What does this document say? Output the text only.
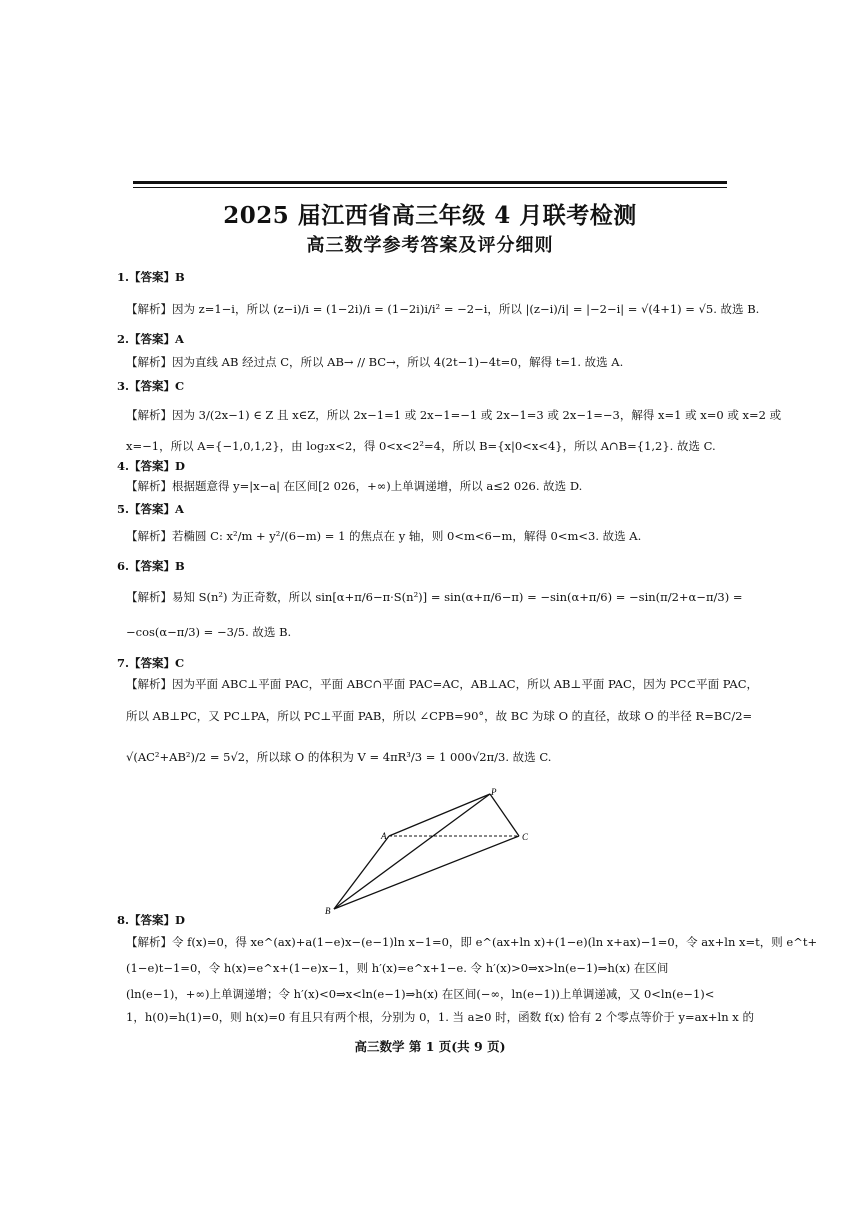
2025 届江西省高三年级 4 月联考检测
高三数学参考答案及评分细则
1.【答案】B
【解析】因为 z=1−i，所以 (z−i)/i = (1−2i)/i = (1−2i)i/i² = −2−i，所以 |(z−i)/i| = |−2−i| = √(4+1) = √5. 故选 B.
2.【答案】A
【解析】因为直线 AB 经过点 C，所以 AB→ // BC→，所以 4(2t−1)−4t=0，解得 t=1. 故选 A.
3.【答案】C
【解析】因为 3/(2x−1) ∈ Z 且 x∈Z，所以 2x−1=1 或 2x−1=−1 或 2x−1=3 或 2x−1=−3，解得 x=1 或 x=0 或 x=2 或
x=−1，所以 A={−1,0,1,2}，由 log₂x<2，得 0<x<2²=4，所以 B={x|0<x<4}，所以 A∩B={1,2}. 故选 C.
4.【答案】D
【解析】根据题意得 y=|x−a| 在区间[2 026，+∞)上单调递增，所以 a≤2 026. 故选 D.
5.【答案】A
【解析】若椭圆 C: x²/m + y²/(6−m) = 1 的焦点在 y 轴，则 0<m<6−m，解得 0<m<3. 故选 A.
6.【答案】B
【解析】易知 S(n²) 为正奇数，所以 sin[α+π/6−π·S(n²)] = sin(α+π/6−π) = −sin(α+π/6) = −sin(π/2+α−π/3) =
−cos(α−π/3) = −3/5. 故选 B.
7.【答案】C
【解析】因为平面 ABC⊥平面 PAC，平面 ABC∩平面 PAC=AC，AB⊥AC，所以 AB⊥平面 PAC，因为 PC⊂平面 PAC，
所以 AB⊥PC，又 PC⊥PA，所以 PC⊥平面 PAB，所以 ∠CPB=90°，故 BC 为球 O 的直径，故球 O 的半径 R=BC/2=
√(AC²+AB²)/2 = 5√2，所以球 O 的体积为 V = 4πR³/3 = 1 000√2π/3. 故选 C.
8.【答案】D
【解析】令 f(x)=0，得 xe^(ax)+a(1−e)x−(e−1)ln x−1=0，即 e^(ax+ln x)+(1−e)(ln x+ax)−1=0，令 ax+ln x=t，则 e^t+
(1−e)t−1=0，令 h(x)=e^x+(1−e)x−1，则 h′(x)=e^x+1−e. 令 h′(x)>0⇒x>ln(e−1)⇒h(x) 在区间
(ln(e−1)，+∞)上单调递增；令 h′(x)<0⇒x<ln(e−1)⇒h(x) 在区间(−∞，ln(e−1))上单调递减，又 0<ln(e−1)<
1，h(0)=h(1)=0，则 h(x)=0 有且只有两个根，分别为 0，1. 当 a≥0 时，函数 f(x) 恰有 2 个零点等价于 y=ax+ln x 的
P
A	C
B
高三数学 第 1 页(共 9 页)
